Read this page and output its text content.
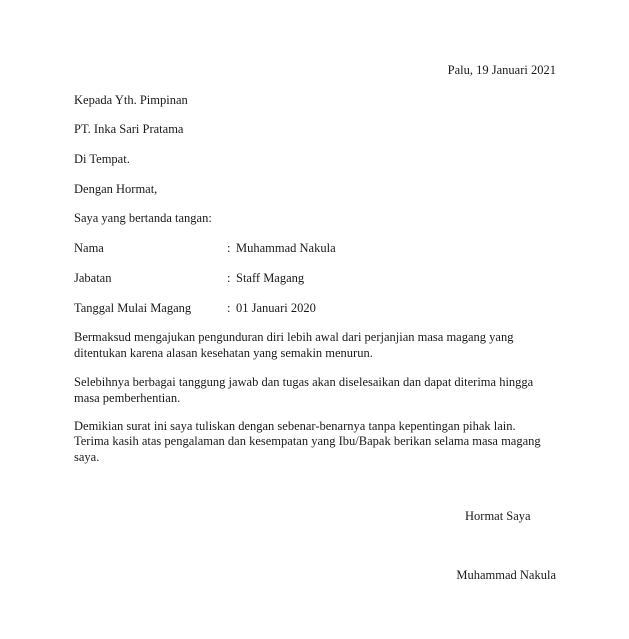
Palu, 19 Januari 2021
Kepada Yth. Pimpinan
PT. Inka Sari Pratama
Di Tempat.
Dengan Hormat,
Saya yang bertanda tangan:
Nama	: Muhammad Nakula
Jabatan	: Staff Magang
Tanggal Mulai Magang	: 01 Januari 2020
Bermaksud mengajukan pengunduran diri lebih awal dari perjanjian masa magang yang
ditentukan karena alasan kesehatan yang semakin menurun.
Selebihnya berbagai tanggung jawab dan tugas akan diselesaikan dan dapat diterima hingga
masa pemberhentian.
Demikian surat ini saya tuliskan dengan sebenar-benarnya tanpa kepentingan pihak lain.
Terima kasih atas pengalaman dan kesempatan yang Ibu/Bapak berikan selama masa magang
saya.
Hormat Saya
Muhammad Nakula
